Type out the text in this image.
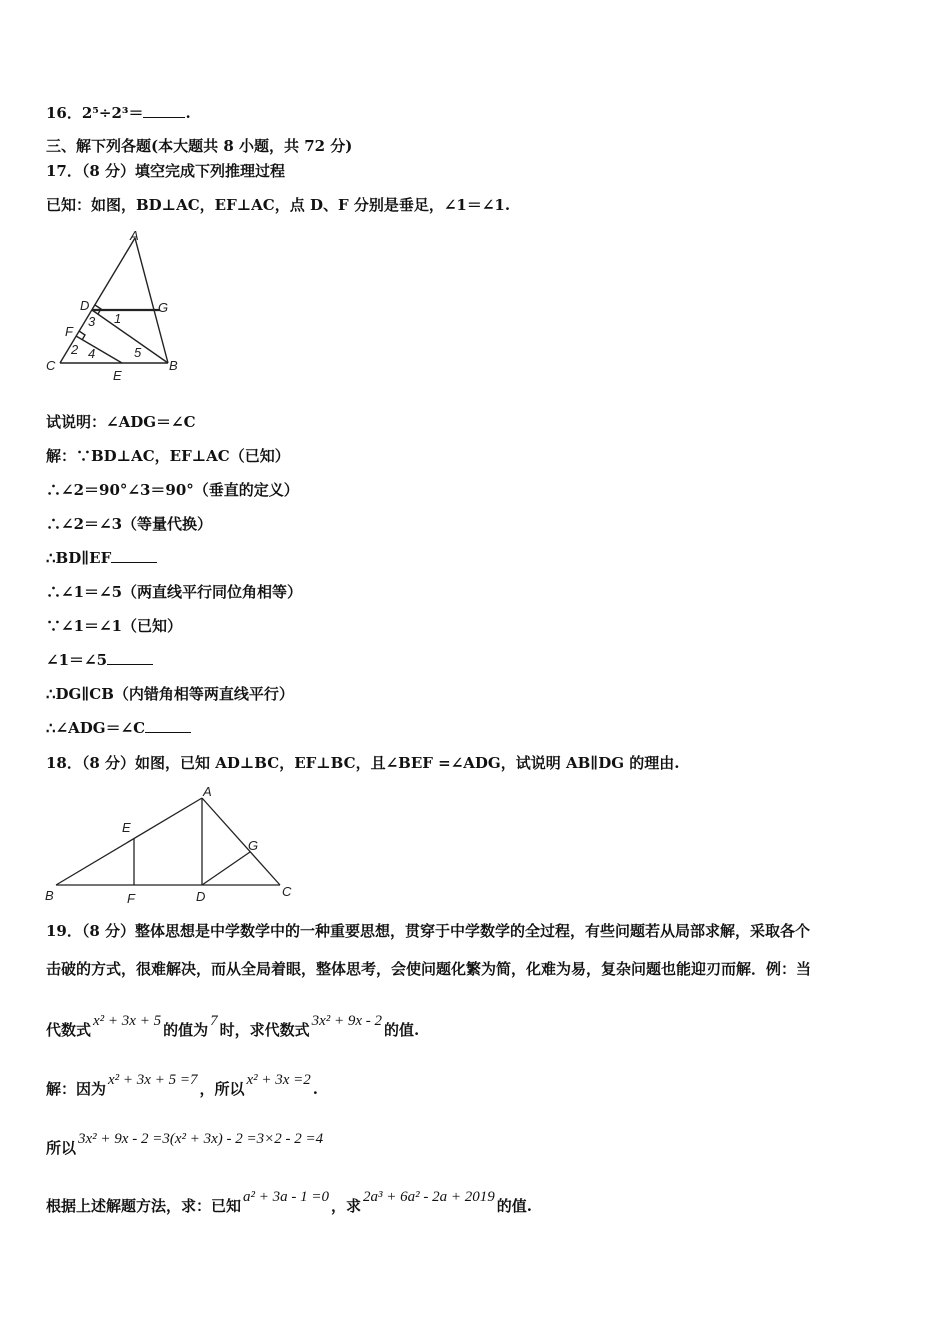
16．2⁵÷2³＝	.
三、解下列各题(本大题共 8 小题，共 72 分)
17．（8 分）填空完成下列推理过程
已知：如图，BD⊥AC，EF⊥AC，点 D、F 分别是垂足，∠1＝∠1.
A
D	G
F
3 1
2 4	5
C	B
E
试说明：∠ADG＝∠C
解：∵BD⊥AC，EF⊥AC（已知）
∴∠2＝90°∠3＝90°（垂直的定义）
∴∠2＝∠3（等量代换）
∴BD∥EF
∴∠1＝∠5（两直线平行同位角相等）
∵∠1＝∠1（已知）
∠1＝∠5
∴DG∥CB（内错角相等两直线平行）
∴∠ADG＝∠C
18．（8 分）如图，已知 AD⊥BC，EF⊥BC，且∠BEF =∠ADG，试说明 AB∥DG 的理由.
A
E
G
B	F	D	C
19．（8 分）整体思想是中学数学中的一种重要思想，贯穿于中学数学的全过程，有些问题若从局部求解，采取各个
击破的方式，很难解决，而从全局着眼，整体思考，会使问题化繁为简，化难为易，复杂问题也能迎刃而解．例：当
代数式 x² + 3x + 5 的值为 7 时，求代数式 3x² + 9x - 2 的值.
解：因为 x² + 3x + 5 =7 ，所以 x² + 3x =2 .
所以 3x² + 9x - 2 =3(x² + 3x) - 2 =3×2 - 2 =4
根据上述解题方法，求：已知 a² + 3a - 1 =0 ，求 2a³ + 6a² - 2a + 2019 的值.
